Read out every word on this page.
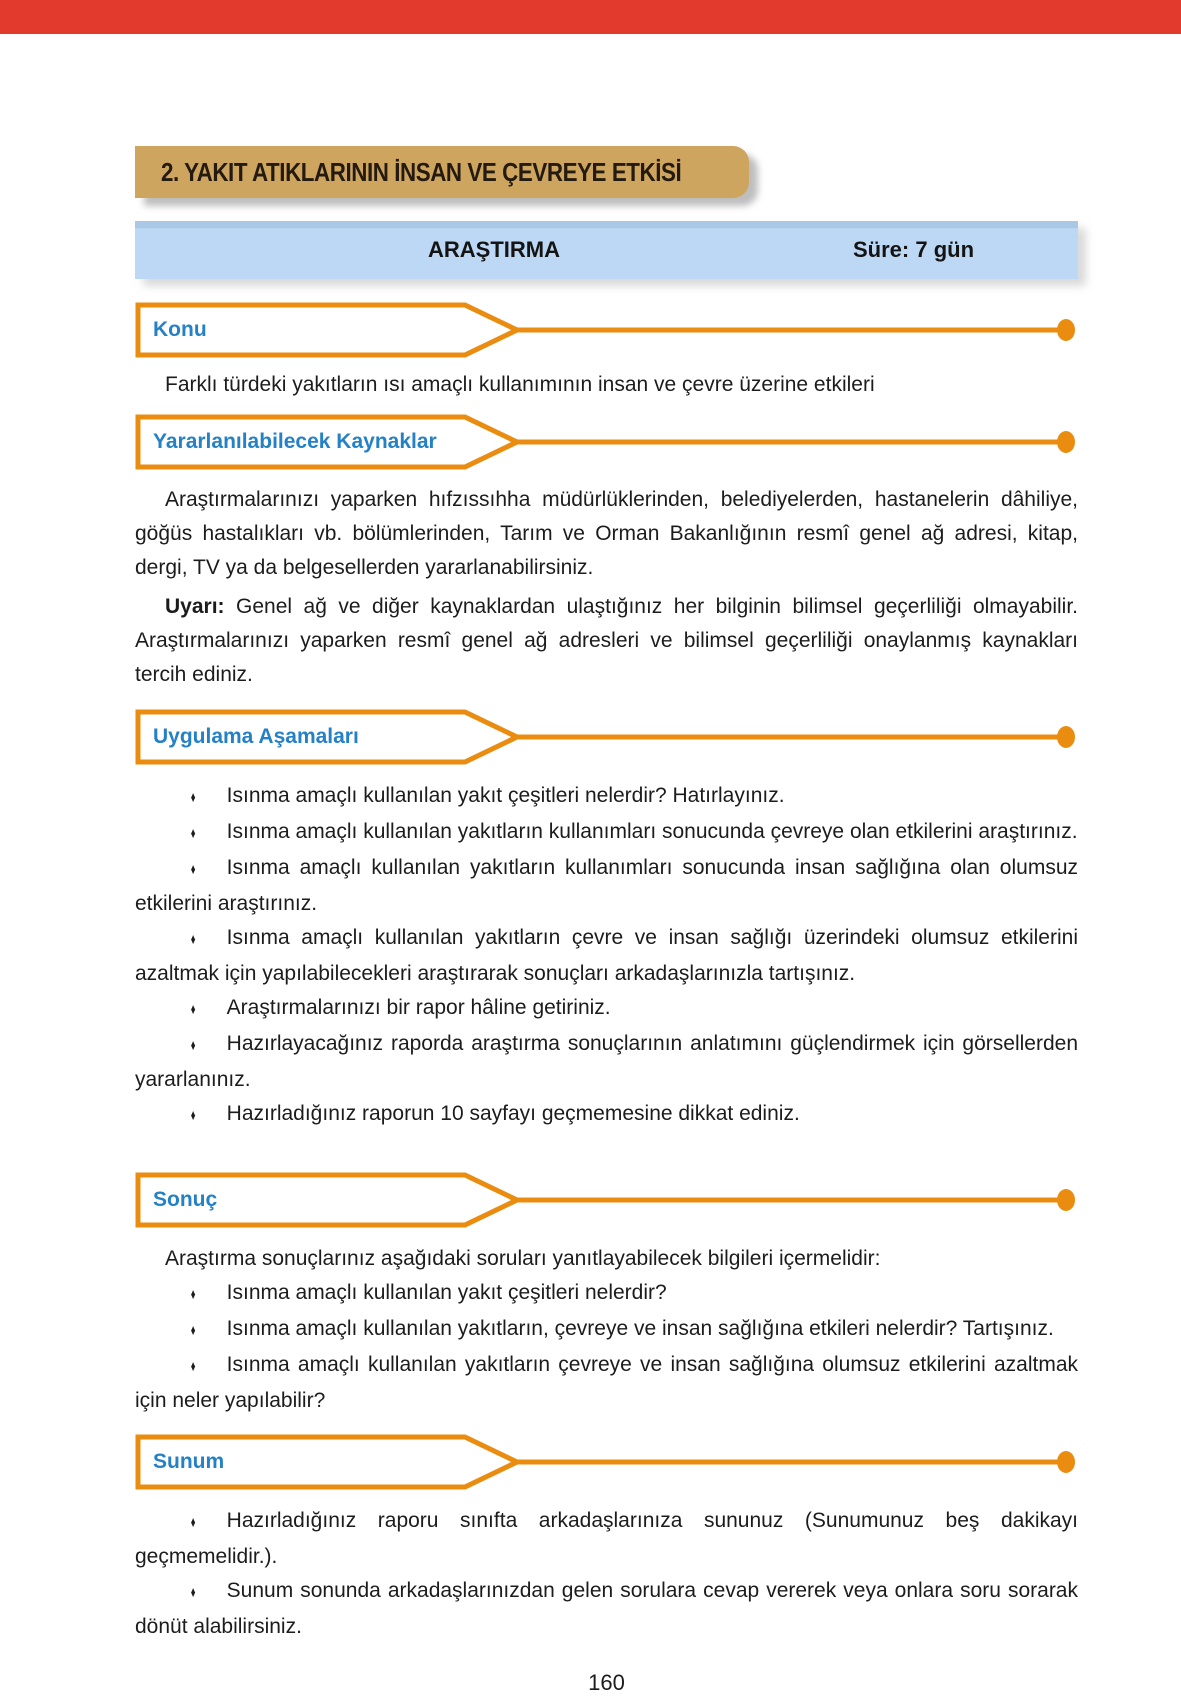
2. YAKIT ATIKLARININ İNSAN VE ÇEVREYE ETKİSİ
ARAŞTIRMA	Süre: 7 gün
Konu

Farklı türdeki yakıtların ısı amaçlı kullanımının insan ve çevre üzerine etkileri

Yararlanılabilecek Kaynaklar

Araştırmalarınızı yaparken hıfzıssıhha müdürlüklerinden, belediyelerden, hastanelerin dâhiliye, göğüs hastalıkları vb. bölümlerinden, Tarım ve Orman Bakanlığının resmî genel ağ adresi, kitap, dergi, TV ya da belgesellerden yararlanabilirsiniz.

Uyarı: Genel ağ ve diğer kaynaklardan ulaştığınız her bilginin bilimsel geçerliliği olmayabilir. Araştırmalarınızı yaparken resmî genel ağ adresleri ve bilimsel geçerliliği onaylanmış kaynakları tercih ediniz.

Uygulama Aşamaları

♦ Isınma amaçlı kullanılan yakıt çeşitleri nelerdir? Hatırlayınız.

♦ Isınma amaçlı kullanılan yakıtların kullanımları sonucunda çevreye olan etkilerini araştırınız.

♦ Isınma amaçlı kullanılan yakıtların kullanımları sonucunda insan sağlığına olan olumsuz etkilerini araştırınız.

♦ Isınma amaçlı kullanılan yakıtların çevre ve insan sağlığı üzerindeki olumsuz etkilerini azaltmak için yapılabilecekleri araştırarak sonuçları arkadaşlarınızla tartışınız.

♦ Araştırmalarınızı bir rapor hâline getiriniz.

♦ Hazırlayacağınız raporda araştırma sonuçlarının anlatımını güçlendirmek için görsellerden yararlanınız.

♦ Hazırladığınız raporun 10 sayfayı geçmemesine dikkat ediniz.

Sonuç

Araştırma sonuçlarınız aşağıdaki soruları yanıtlayabilecek bilgileri içermelidir:

♦ Isınma amaçlı kullanılan yakıt çeşitleri nelerdir?

♦ Isınma amaçlı kullanılan yakıtların, çevreye ve insan sağlığına etkileri nelerdir? Tartışınız.

♦ Isınma amaçlı kullanılan yakıtların çevreye ve insan sağlığına olumsuz etkilerini azaltmak için neler yapılabilir?

Sunum

♦ Hazırladığınız raporu sınıfta arkadaşlarınıza sununuz (Sunumunuz beş dakikayı geçmemelidir.).

♦ Sunum sonunda arkadaşlarınızdan gelen sorulara cevap vererek veya onlara soru sorarak dönüt alabilirsiniz.

160
